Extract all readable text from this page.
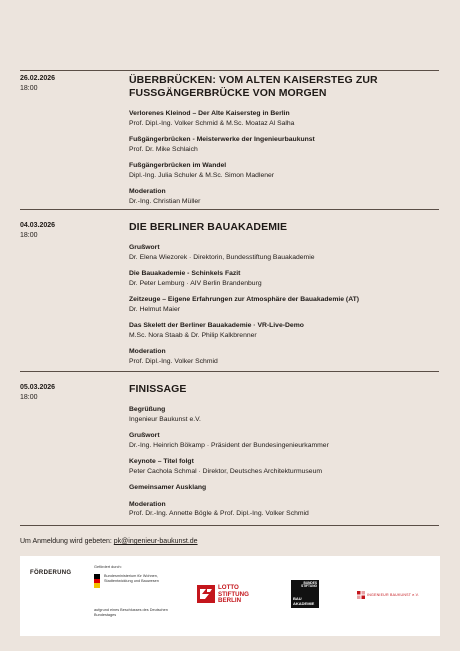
26.02.2026
18:00
ÜBERBRÜCKEN: VOM ALTEN KAISERSTEG ZUR FUSSGÄNGERBRÜCKE VON MORGEN
Verlorenes Kleinod – Der Alte Kaisersteg in Berlin
Prof. Dipl.-Ing. Volker Schmid & M.Sc. Moataz Al Salha
Fußgängerbrücken - Meisterwerke der Ingenieurbaukunst
Prof. Dr. Mike Schlaich
Fußgängerbrücken im Wandel
Dipl.-Ing. Julia Schuler & M.Sc. Simon Madlener
Moderation
Dr.-Ing. Christian Müller
04.03.2026
18:00
DIE BERLINER BAUAKADEMIE
Grußwort
Dr. Elena Wiezorek · Direktorin, Bundesstiftung Bauakademie
Die Bauakademie - Schinkels Fazit
Dr. Peter Lemburg · AIV Berlin Brandenburg
Zeitzeuge – Eigene Erfahrungen zur Atmosphäre der Bauakademie (AT)
Dr. Helmut Maier
Das Skelett der Berliner Bauakademie · VR-Live-Demo
M.Sc. Nora Staab & Dr. Philip Kalkbrenner
Moderation
Prof. Dipl.-Ing. Volker Schmid
05.03.2026
18:00
FINISSAGE
Begrüßung
Ingenieur Baukunst e.V.
Grußwort
Dr.-Ing. Heinrich Bökamp · Präsident der Bundesingenieurkammer
Keynote – Titel folgt
Peter Cachola Schmal · Direktor, Deutsches Architekturmuseum
Gemeinsamer Ausklang
Moderation
Prof. Dr.-Ing. Annette Bögle & Prof. Dipl.-Ing. Volker Schmid
Um Anmeldung wird gebeten: pk@ingenieur-baukunst.de
FÖRDERUNG
Gefördert durch:
Bundesministerium für Wohnen, Stadtentwicklung und Bauwesen
aufgrund eines Beschlusses des Deutschen Bundestages
LOTTO STIFTUNG BERLIN
BUNDES STIFTUNG
BAU AKADEMIE
INGENIEUR BAUKUNST e.V.
